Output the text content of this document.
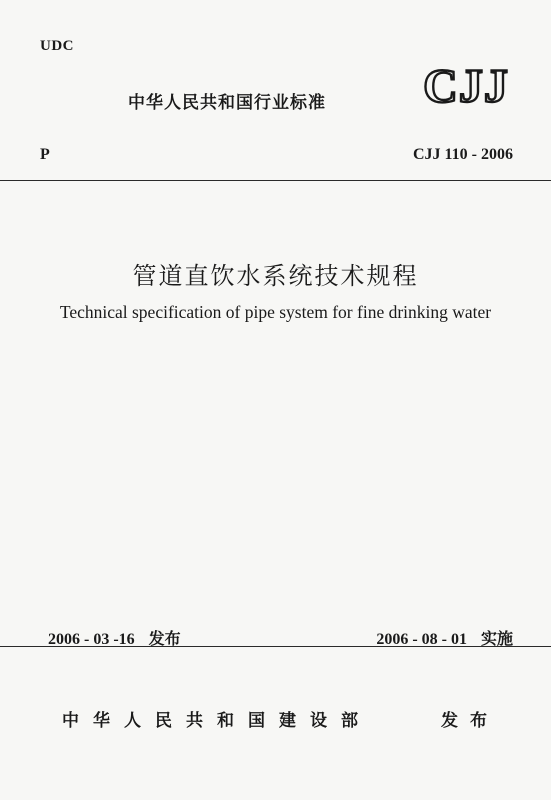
UDC
中华人民共和国行业标准 CJJ
P	CJJ 110 - 2006
管道直饮水系统技术规程
Technical specification of pipe system for fine drinking water

2006 - 03 -16 发布	2006 - 08 - 01 实施

中华人民共和国建设部	发布
